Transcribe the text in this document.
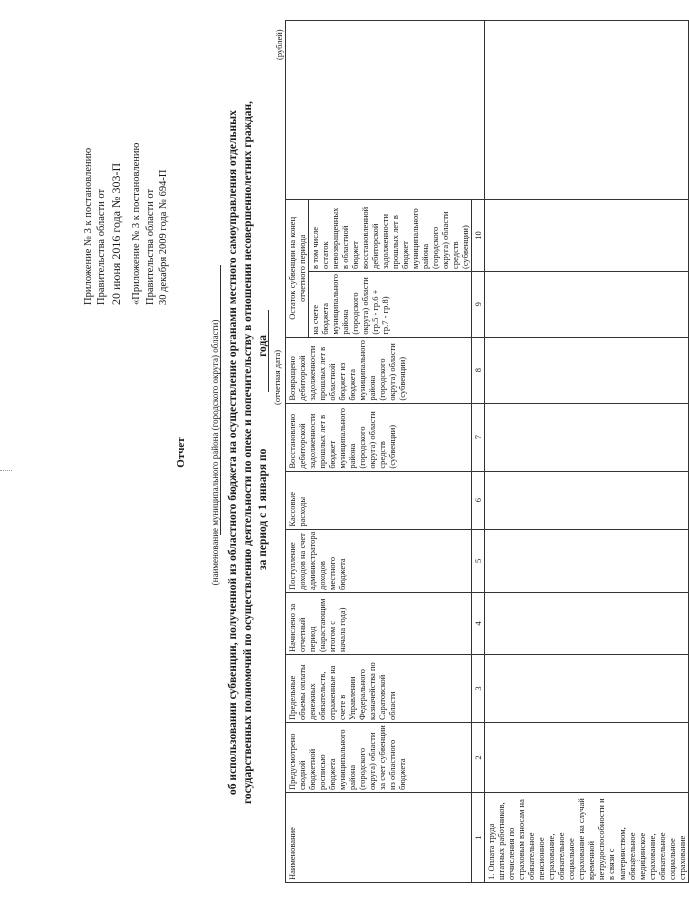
Приложение № 3 к постановлению Правительства области от 20 июня 2016 года № 303-П «Приложение № 3 к постановлению Правительства области от 30 декабря 2009 года № 694-П
Отчет	(наименование муниципального района (городского округа) области) об использовании субвенции, полученной из областного бюджета на осуществление органами местного самоуправления отдельных государственных полномочий по осуществлению деятельности по опеке и попечительству в отношении несовершеннолетних граждан, за период с 1 января по  года
(отчетная дата)
(рублей)
Наименование	Предусмотрено сводной бюджетной росписью бюджета муниципального района (городского округа) области за счет субвенции из областного бюджета	Предельные объемы оплаты денежных обязательств, отраженные на счете в Управлении Федерального казначейства по Саратовской области	Начислено за отчетный период (нарастающим итогом с начала года)	Поступление доходов на счет администратора доходов местного бюджета	Кассовые расходы	Восстановлено дебиторской задолженности прошлых лет в бюджет муниципального района (городского округа) области средств (субвенции)	Возвращено дебиторской задолженности прошлых лет в областной бюджет из бюджета муниципального района (городского округа) области (субвенции)	Остаток субвенции на конец отчетного периода		
								на счете бюджета муниципального района (городского округа) области (гр.5 - гр.6 + гр.7 - гр.8)	в том числе остаток невозвращенных в областной бюджет восстановленной дебиторской задолженности прошлых лет в бюджет муниципального района (городского округа) области средств (субвенции)	
1	2	3	4	5	6	7	8	9	10	
1. Оплата труда штатных работников, отчисления по страховым взносам на обязательное пенсионное страхование, обязательное социальное страхование на случай временной нетрудоспособности и в связи с материнством, обязательное медицинское страхование, обязательное социальное страхование										
